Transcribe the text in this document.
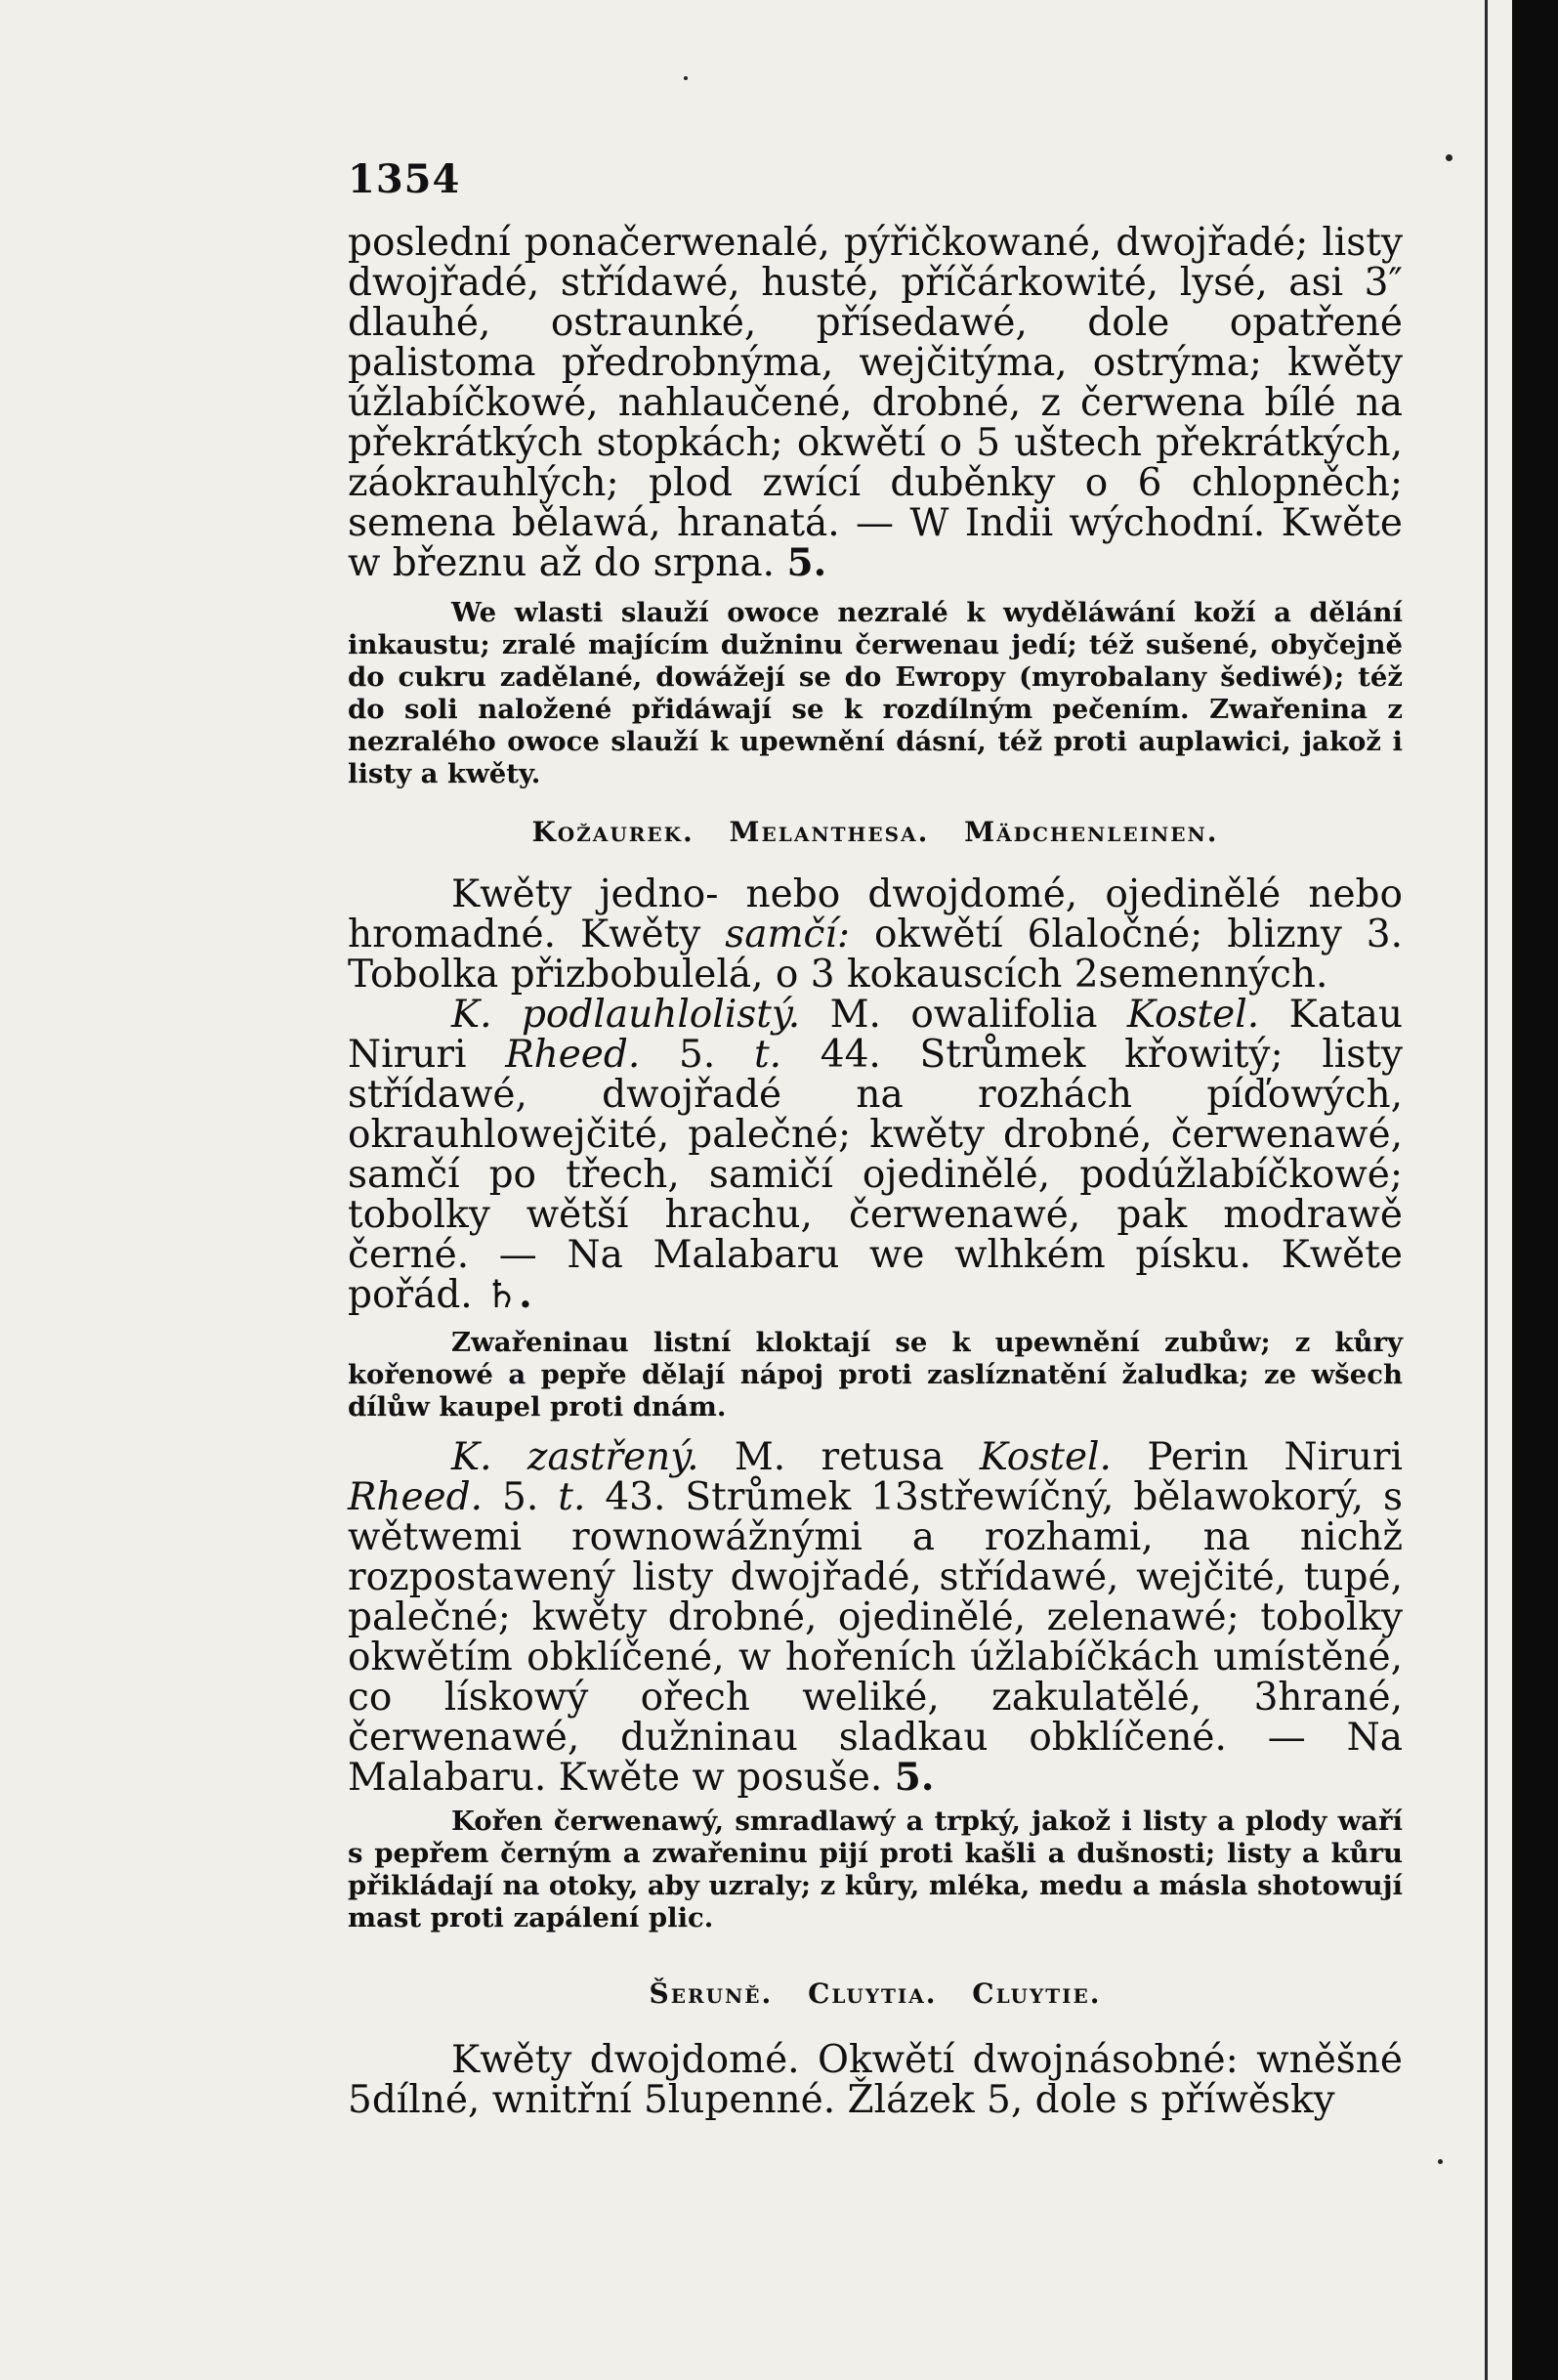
1354

poslední ponačerwenalé, pýřičkowané, dwojřadé; listy dwojřadé, střídawé, husté, příčárkowité, lysé, asi 3″ dlauhé, ostraunké, přísedawé, dole opatřené palistoma předrobnýma, wejčitýma, ostrýma; kwěty úžlabíčkowé, nahlaučené, drobné, z čerwena bílé na překrátkých stopkách; okwětí o 5 uštech překrátkých, záokrauhlých; plod zwící duběnky o 6 chlopněch; semena bělawá, hranatá. — W Indii wýchodní. Kwěte w březnu až do srpna. 5.

We wlasti slauží owoce nezralé k wyděláwání koží a dělání inkaustu; zralé majícím dužninu čerwenau jedí; též sušené, obyčejně do cukru zadělané, dowážejí se do Ewropy (myrobalany šediwé); též do soli naložené přidáwají se k rozdílným pečením. Zwařenina z nezralého owoce slauží k upewnění dásní, též proti auplawici, jakož i listy a kwěty.

Kožaurek. Melanthesa. Mädchenleinen.

Kwěty jedno- nebo dwojdomé, ojedinělé nebo hromadné. Kwěty samčí: okwětí 6laločné; blizny 3. Tobolka přizbobulelá, o 3 kokauscích 2semenných.

K. podlauhlolistý. M. owalifolia Kostel. Katau Niruri Rheed. 5. t. 44. Strůmek křowitý; listy střídawé, dwojřadé na rozhách píďowých, okrauhlowejčité, palečné; kwěty drobné, čerwenawé, samčí po třech, samičí ojedinělé, podúžlabíčkowé; tobolky wětší hrachu, čerwenawé, pak modrawě černé. — Na Malabaru we wlhkém písku. Kwěte pořád. ♄.

Zwařeninau listní kloktají se k upewnění zubůw; z kůry kořenowé a pepře dělají nápoj proti zaslíznatění žaludka; ze wšech dílůw kaupel proti dnám.

K. zastřený. M. retusa Kostel. Perin Niruri Rheed. 5. t. 43. Strůmek 13střewíčný, bělawokorý, s wětwemi rownowážnými a rozhami, na nichž rozpostawený listy dwojřadé, střídawé, wejčité, tupé, palečné; kwěty drobné, ojedinělé, zelenawé; tobolky okwětím obklíčené, w hořeních úžlabíčkách umístěné, co lískowý ořech weliké, zakulatělé, 3hrané, čerwenawé, dužninau sladkau obklíčené. — Na Malabaru. Kwěte w posuše. 5.

Kořen čerwenawý, smradlawý a trpký, jakož i listy a plody waří s pepřem černým a zwařeninu pijí proti kašli a dušnosti; listy a kůru přikládají na otoky, aby uzraly; z kůry, mléka, medu a másla shotowují mast proti zapálení plic.

Šeruně. Cluytia. Cluytie.

Kwěty dwojdomé. Okwětí dwojnásobné: wněšné 5dílné, wnitřní 5lupenné. Žlázek 5, dole s příwěsky
